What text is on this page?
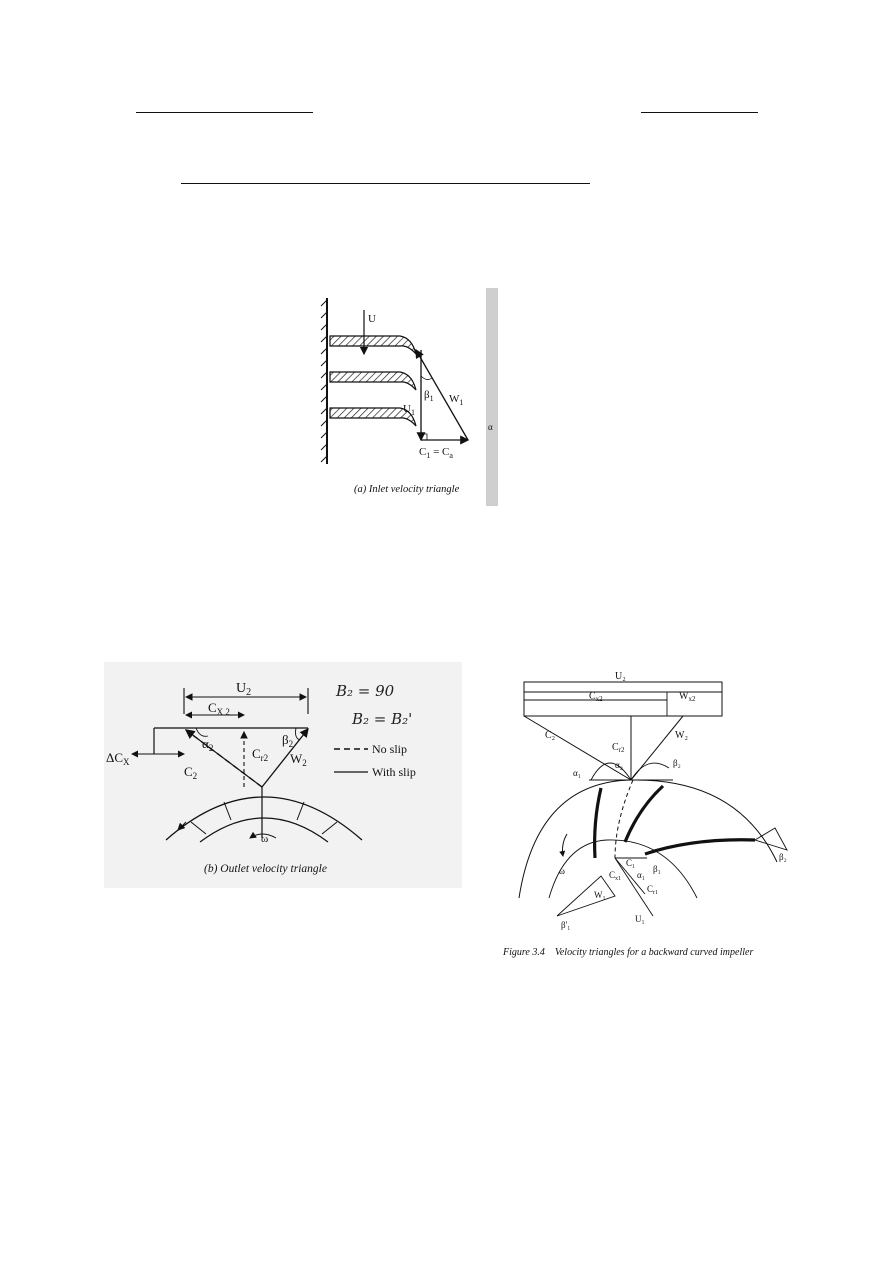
U
$\beta_1$
$U_1$
$W_1$
$C_1 = C_a$
α
(a) Inlet velocity triangle
$U_2$
$C_{X 2}$
$\Delta C_X$
$\alpha_2$
$\beta_2$
$C_{r2}$ $W_2$
$C_2$
ω
No slip
With slip
B₂ = 90
B₂ = B₂'
(b) Outlet velocity triangle
U₂
$C_{x2}$	$W_{x2}$
C₂
$C_{r2}$
W₂
α₂	β₂
α₁
β₂
ω
C₁
β₁
$C_{x1}$ α₁
$C_{r1}$
W₁
U₁
β'₁
Figure 3.4 Velocity triangles for a backward curved impeller
